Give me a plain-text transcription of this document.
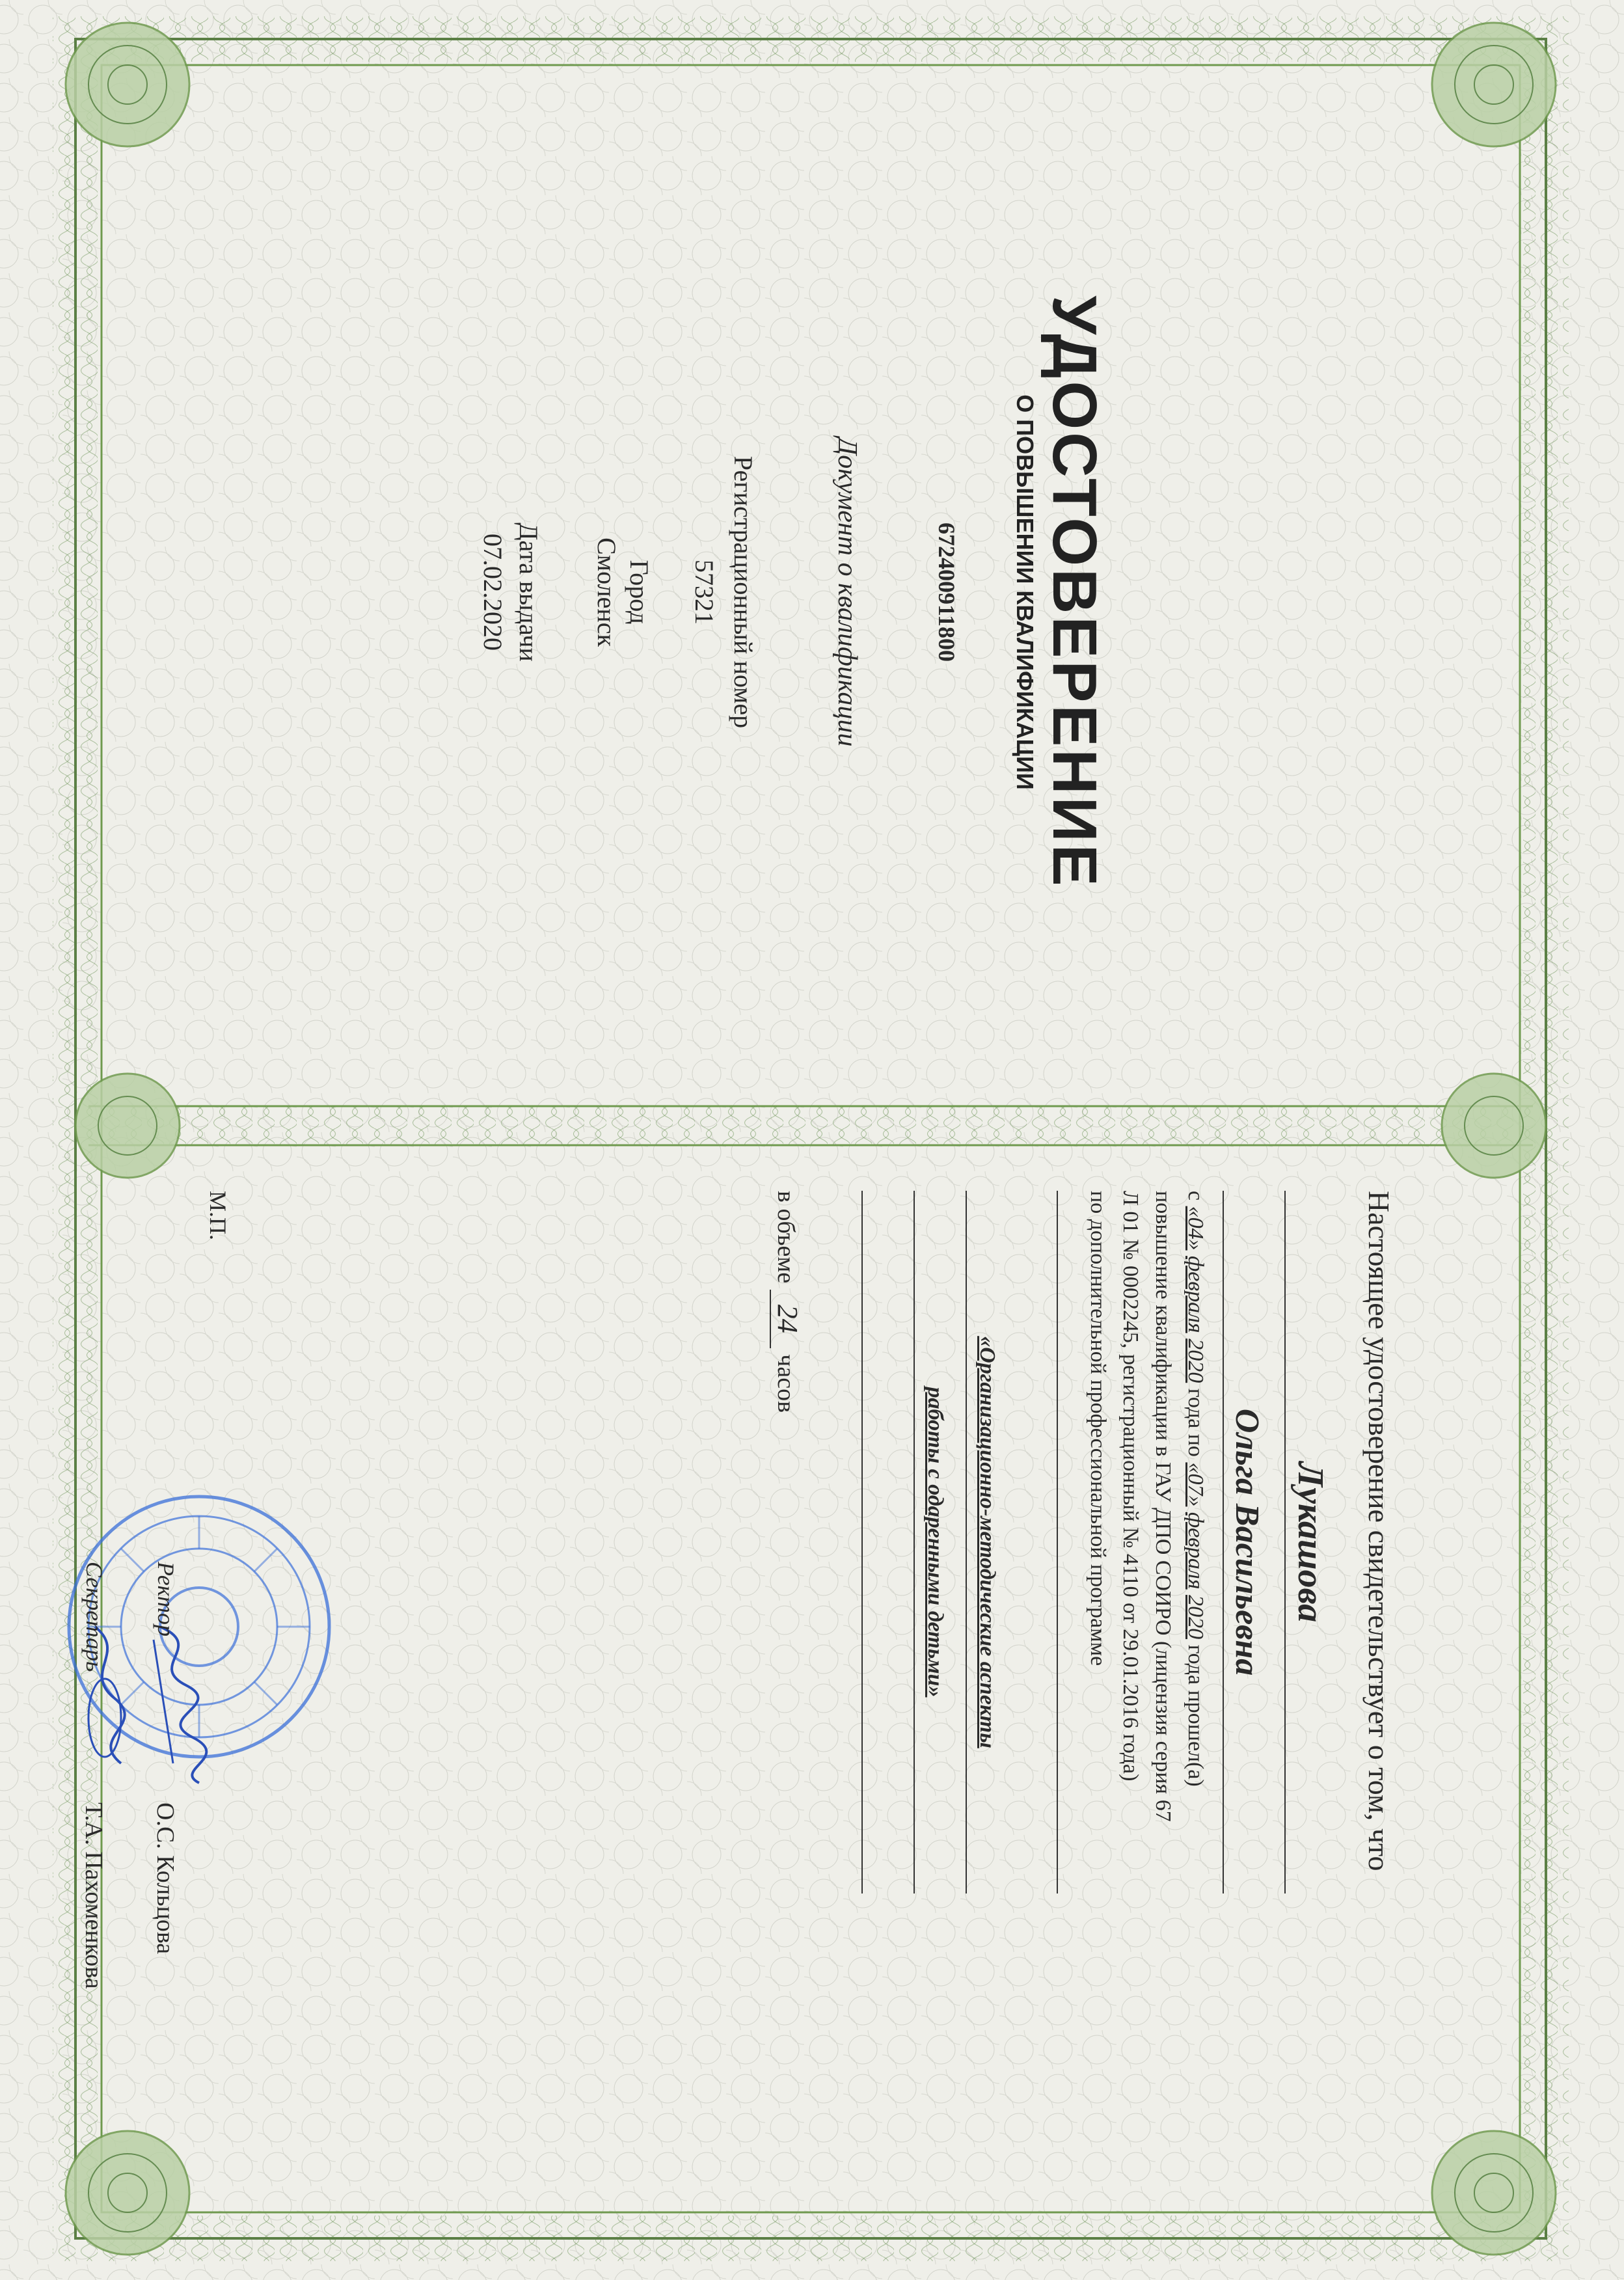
УДОСТОВЕРЕНИЕ
О ПОВЫШЕНИИ КВАЛИФИКАЦИИ
672400911800
Документ о квалификации
Регистрационный номер
57321
Город
Смоленск
Дата выдачи
07.02.2020
Настоящее удостоверение свидетельствует о том, что
Лукашова
Ольга Васильевна
с «04» февраля 2020 года по «07» февраля 2020 года прошел(а)
повышение квалификации в ГАУ ДПО СОИРО (лицензия серия 67
Л 01 № 0002245, регистрационный № 4110 от 29.01.2016 года)
по дополнительной профессиональной программе
«Организационно-методические аспекты
работы с одаренными детьми»
в объеме 24 часов
М.П.
Ректор
О.С. Кольцова
Секретарь
Т.А. Пахоменкова
